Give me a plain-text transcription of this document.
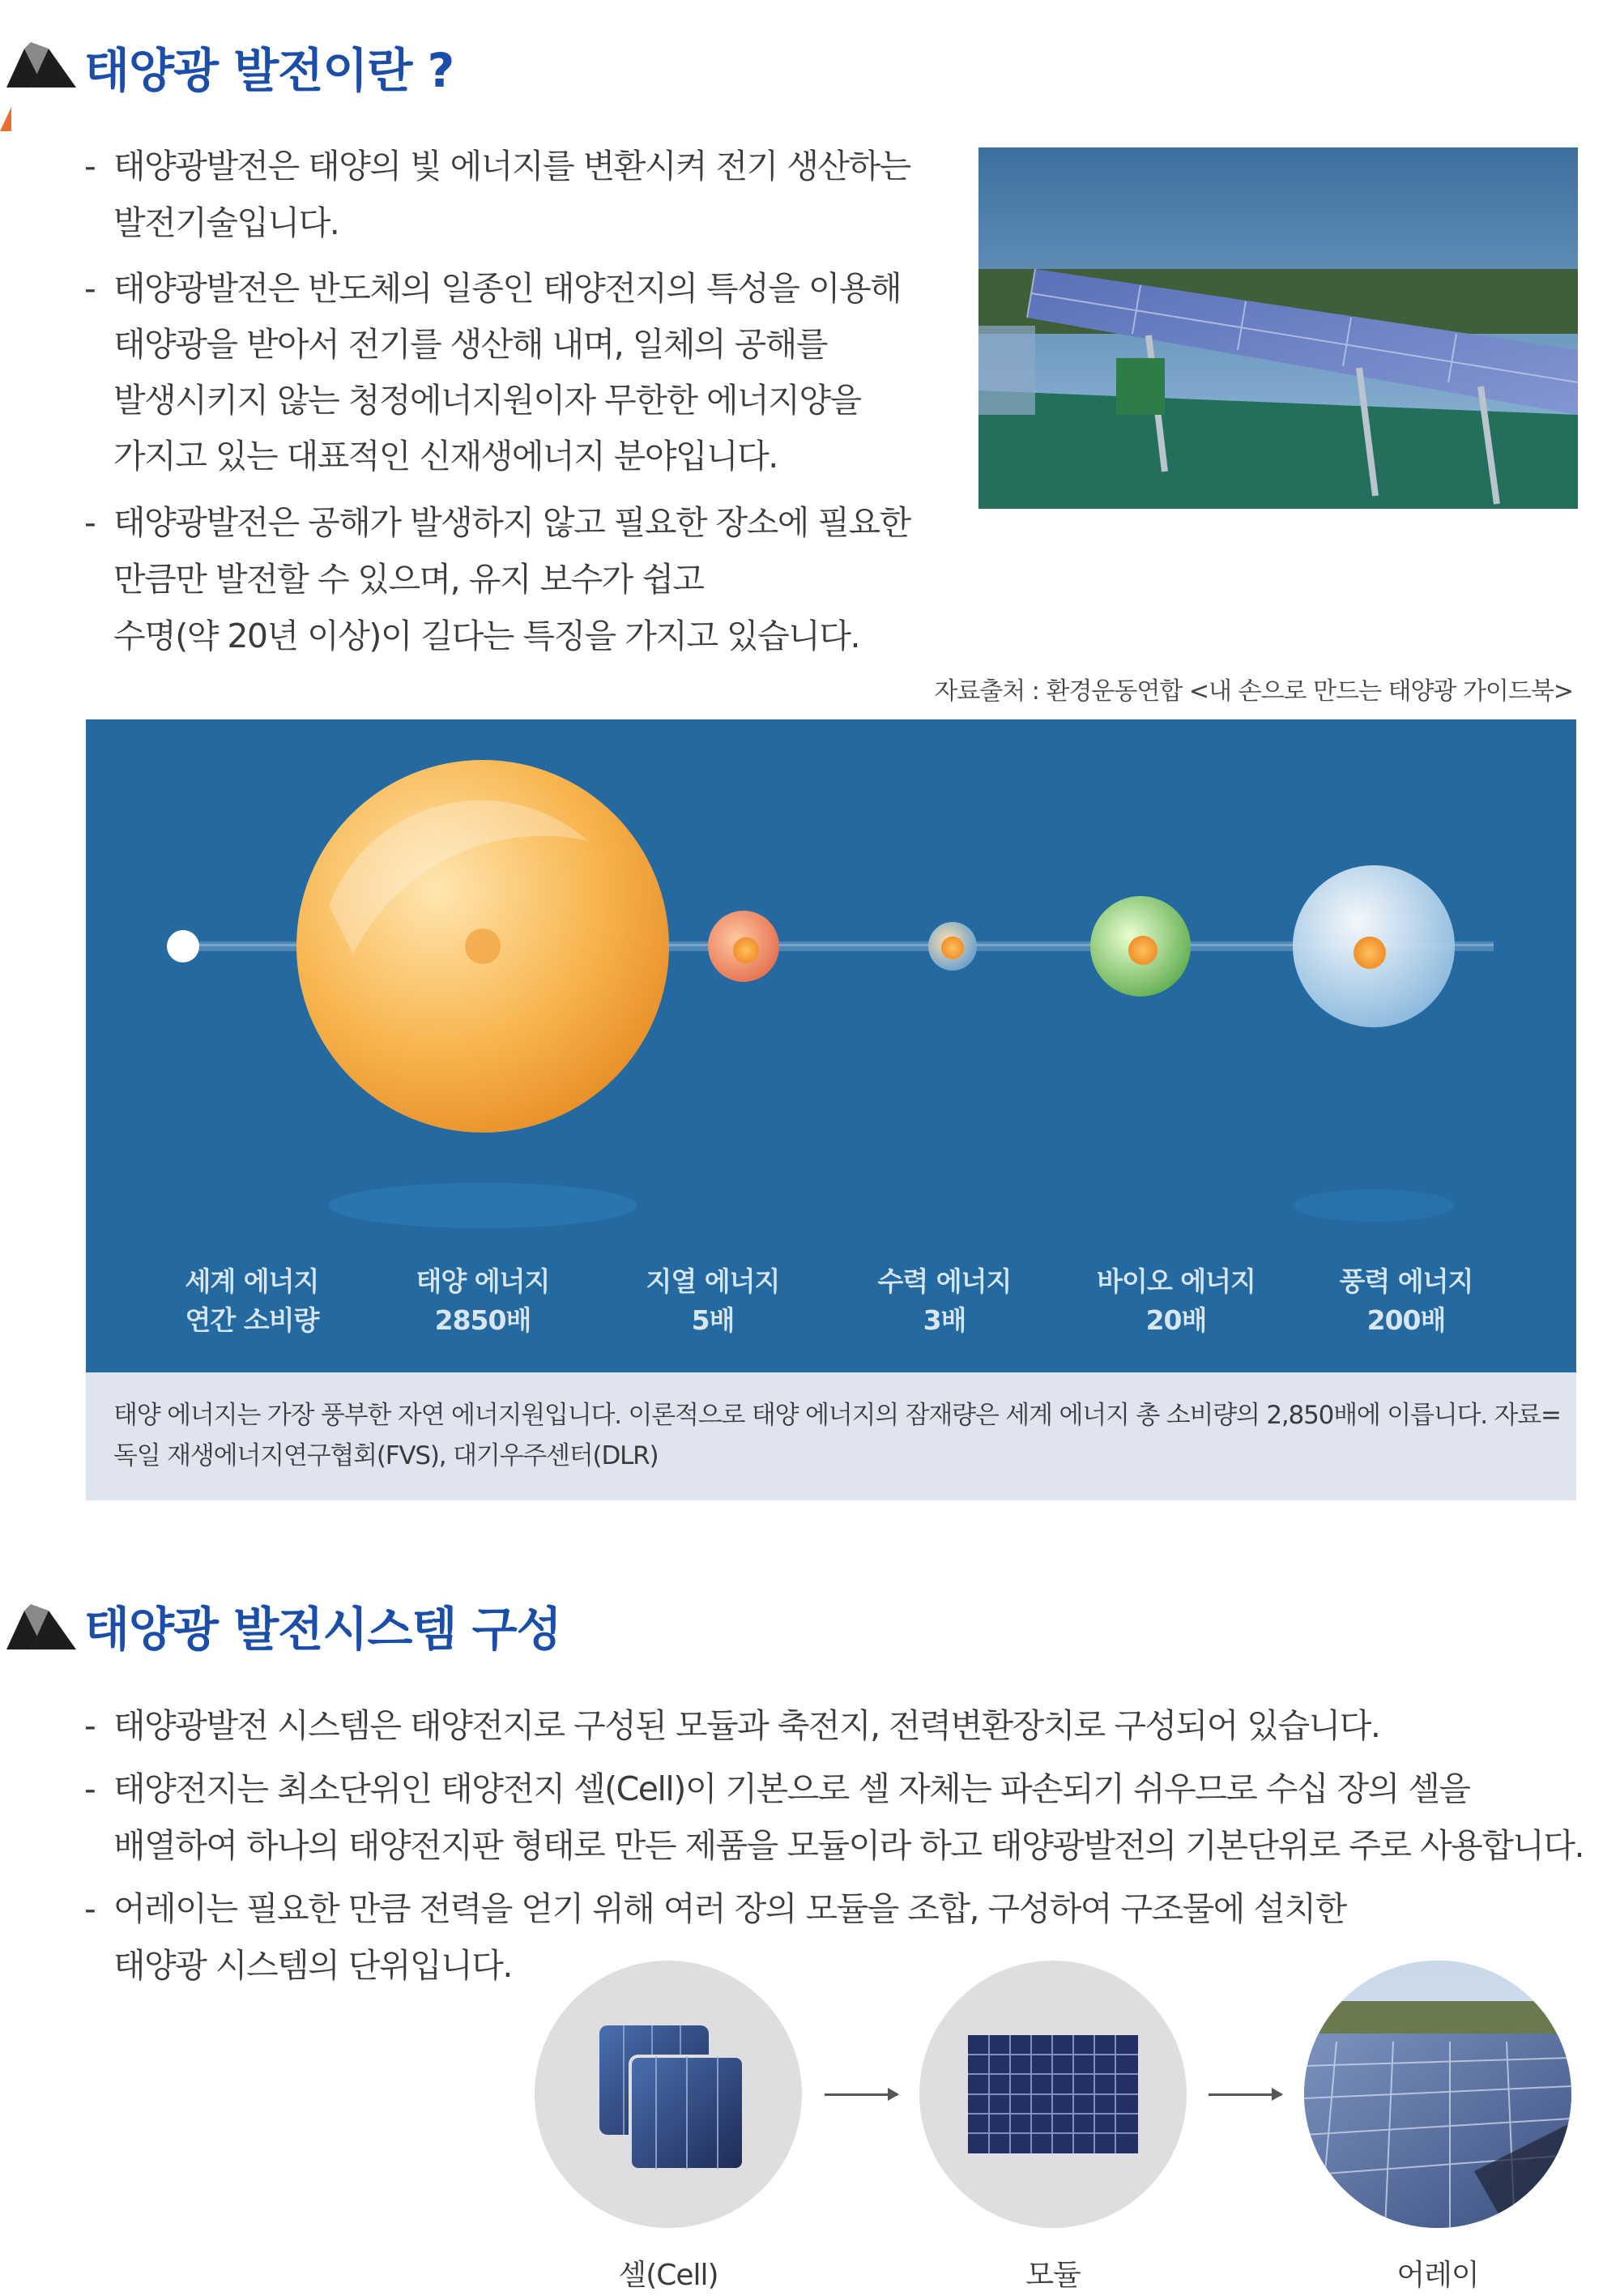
태양광 발전이란 ?
- 태양광발전은 태양의 빛 에너지를 변환시켜 전기 생산하는
발전기술입니다.
- 태양광발전은 반도체의 일종인 태양전지의 특성을 이용해
태양광을 받아서 전기를 생산해 내며, 일체의 공해를
발생시키지 않는 청정에너지원이자 무한한 에너지양을
가지고 있는 대표적인 신재생에너지 분야입니다.
- 태양광발전은 공해가 발생하지 않고 필요한 장소에 필요한
만큼만 발전할 수 있으며, 유지 보수가 쉽고
수명(약 20년 이상)이 길다는 특징을 가지고 있습니다.
자료출처 : 환경운동연합 <내 손으로 만드는 태양광 가이드북>
세계 에너지
연간 소비량
태양 에너지
2850배
지열 에너지
5배
수력 에너지
3배
바이오 에너지
20배
풍력 에너지
200배
태양 에너지는 가장 풍부한 자연 에너지원입니다. 이론적으로 태양 에너지의 잠재량은 세계 에너지 총 소비량의 2,850배에 이릅니다. 자료=독일 재생에너지연구협회(FVS), 대기우주센터(DLR)
태양광 발전시스템 구성
- 태양광발전 시스템은 태양전지로 구성된 모듈과 축전지, 전력변환장치로 구성되어 있습니다.
- 태양전지는 최소단위인 태양전지 셀(Cell)이 기본으로 셀 자체는 파손되기 쉬우므로 수십 장의 셀을
배열하여 하나의 태양전지판 형태로 만든 제품을 모듈이라 하고 태양광발전의 기본단위로 주로 사용합니다.
- 어레이는 필요한 만큼 전력을 얻기 위해 여러 장의 모듈을 조합, 구성하여 구조물에 설치한
태양광 시스템의 단위입니다.
셀(Cell)	모듈	어레이
